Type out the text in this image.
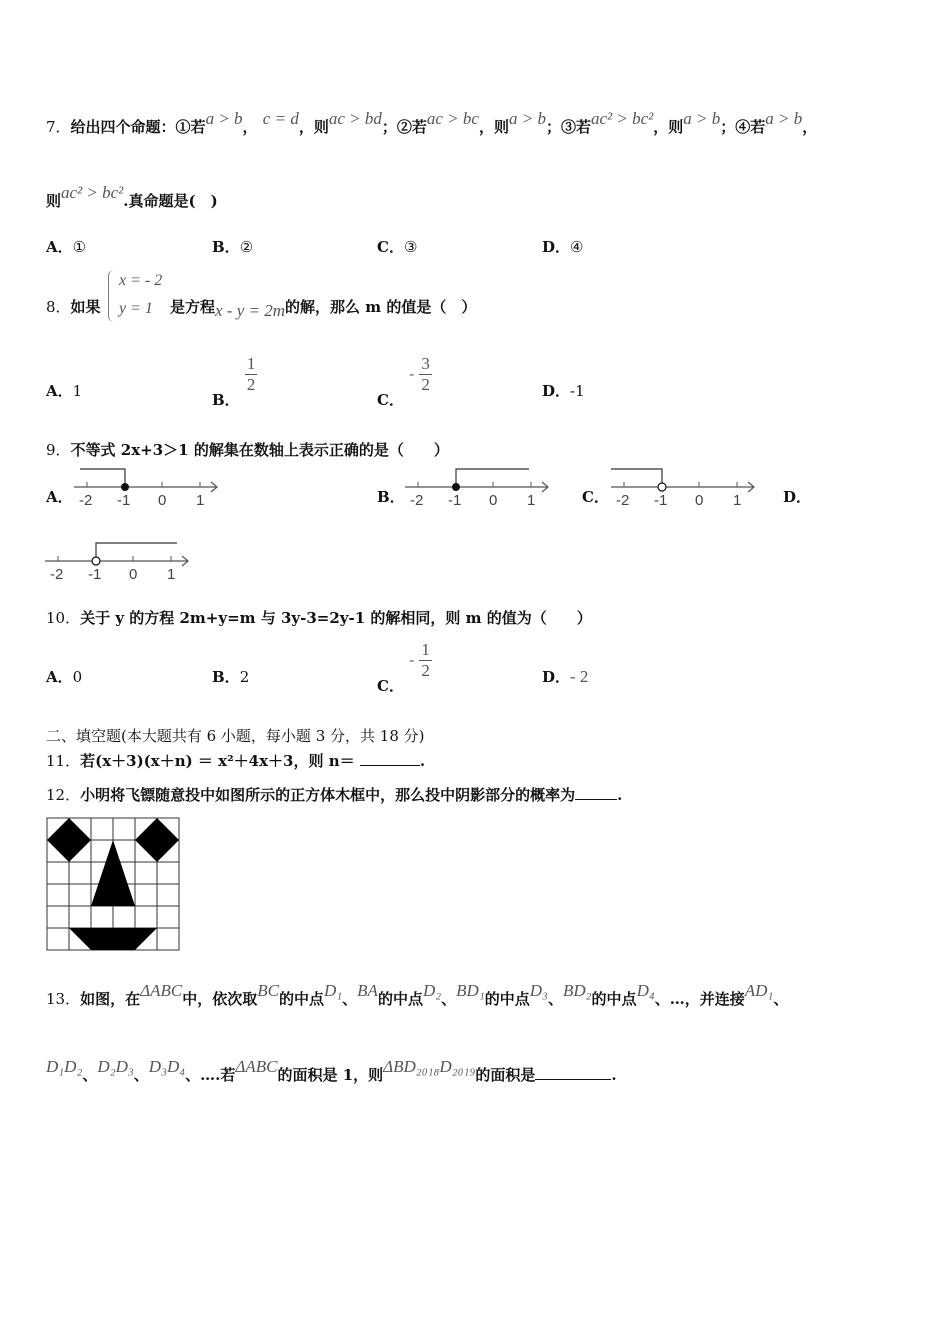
7．给出四个命题：①若a > b， c = d，则ac > bd；②若ac > bc，则a > b；③若ac² > bc²，则a > b；④若a > b，
则ac² > bc².真命题是(　)
A．①	B．②	C．③	D．④
8．如果
x = - 2
y = 1 是方程x - y = 2m的解，那么 m 的值是（　）
A．1	B．
$\frac{1}{2}$
C． - $\frac{3}{2}$	D．-1
9．不等式 2x+3＞1 的解集在数轴上表示正确的是（　　）
A． -2 -1 0 1	B． -2 -1 0 1	C． -2 -1 0 1	D．
-2 -1 0 1
10．关于 y 的方程 2m+y=m 与 3y-3=2y-1 的解相同，则 m 的值为（　　）
A．0	B．2	C． - $\frac{1}{2}$	D．- 2
二、填空题(本大题共有 6 小题，每小题 3 分，共 18 分)
11．若(x＋3)(x＋n) ＝ x²＋4x＋3，则 n＝	.
12．小明将飞镖随意投中如图所示的正方体木框中，那么投中阴影部分的概率为	.
13．如图，在ΔABC中，依次取BC的中点D₁、BA的中点D₂、BD₁的中点D₃、BD₂的中点D₄、…，并连接AD₁、
D₁D₂、D₂D₃、D₃D₄、….若ΔABC的面积是 1，则ΔBD₂₀₁₈D₂₀₁₉的面积是	.
